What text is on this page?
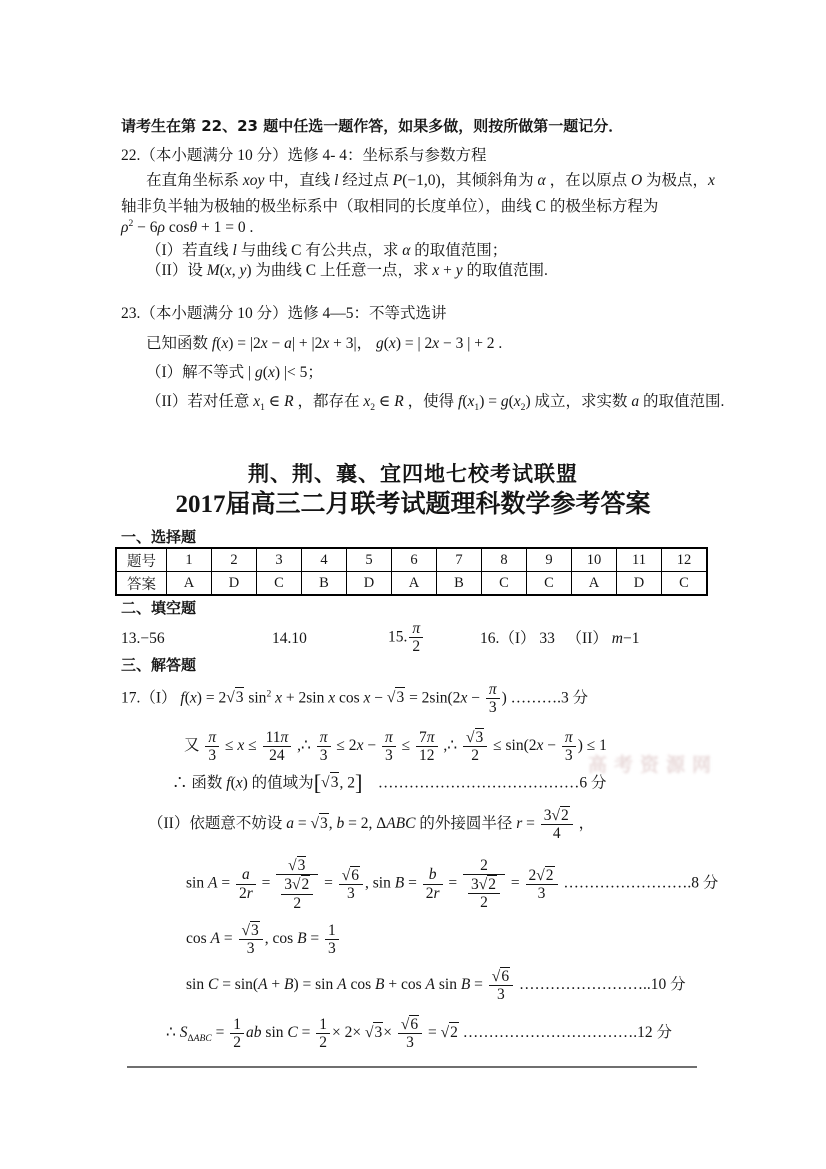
请考生在第 22、23 题中任选一题作答，如果多做，则按所做第一题记分．
22.（本小题满分 10 分）选修 4- 4：坐标系与参数方程
在直角坐标系 xoy 中，直线 l 经过点 P(−1,0)，其倾斜角为 α ，在以原点 O 为极点，x
轴非负半轴为极轴的极坐标系中（取相同的长度单位），曲线 C 的极坐标方程为
$\rho^2 - 6\rho$ cosθ + 1 = 0 .
（I）若直线 l 与曲线 C 有公共点，求 α 的取值范围；
（II）设 M(x, y) 为曲线 C 上任意一点，求 x + y 的取值范围.
23.（本小题满分 10 分）选修 4—5：不等式选讲
已知函数 f(x) = |2x − a| + |2x + 3|， g(x) = | 2x − 3 | + 2 .
（I）解不等式 | g(x) |< 5；
（II）若对任意 $x_1$ ∈ R ，都存在 $x_2$ ∈ R ，使得 $f(x_1) = g(x_2)$ 成立，求实数 a 的取值范围.
荆、荆、襄、宜四地七校考试联盟
2017届高三二月联考试题理科数学参考答案
一、选择题
题号	1	2	3	4	5	6	7	8	9	10	11	12
答案	A	D	C	B	D	A	B	C	C	A	D	C
二、填空题
13.−56	14.10	15. $\frac{\pi}{2}$	16.（I） 33 　（II） m−1
三、解答题
17.（I） f(x) = 2√3 $\sin^2 x + 2\sin$ x $\cos x - √3 = 2\sin(2x - \frac{\pi}{3}$ ) ……….3 分
又 $\frac{\pi}{3} \le x \le \frac{11\pi}{24}$ ,∴ $\frac{\pi}{3} \le 2x - \frac{\pi}{3} \le \frac{7\pi}{12}$ ,∴ $\frac{√3}{2} \le \sin(2x - \frac{\pi}{3}$ ) ≤ 1
∴ 函数 f(x) 的值域为[√3, 2]　…………………………………6 分
（II）依题意不妨设 a = √3, b = 2, ΔABC 的外接圆半径 $r = \frac{3√2}{4}$ ，
$\sin A = \frac{a}{2r} = \frac{√3}{\frac{3√2}{2}} = \frac{√6}{3}$ , $\sin B = \frac{b}{2r} = \frac{2}{\frac{3√2}{2}} = \frac{2√2}{3}$ …………………….8 分
$\cos A = \frac{√3}{3}$ , $\cos B = \frac{1}{3}$
sin C = sin(A + B) = sin A cos B + cos A $\sin B = \frac{√6}{3}$ ……………………..10 分
∴ $S_{\Delta ABC} = \frac{1}{2}$ ab $\sin C = \frac{1}{2} \times 2\times √3\times \frac{√6}{3} = √2$ …………………………….12 分
高考资源网
